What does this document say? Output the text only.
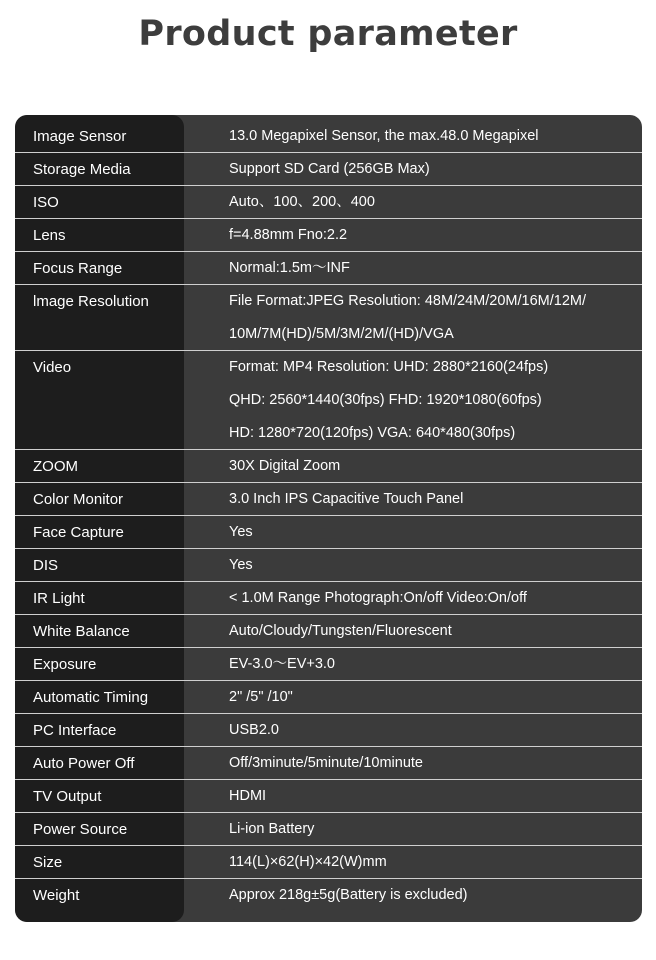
Product parameter
Image Sensor	13.0 Megapixel Sensor, the max.48.0 Megapixel
Storage Media	Support SD Card (256GB Max)
ISO	Auto、100、200、400
Lens	f=4.88mm Fno:2.2
Focus Range	Normal:1.5m～INF
lmage Resolution	File Format:JPEG Resolution: 48M/24M/20M/16M/12M/
10M/7M(HD)/5M/3M/2M/(HD)/VGA
Video	Format: MP4 Resolution: UHD: 2880*2160(24fps)
QHD: 2560*1440(30fps) FHD: 1920*1080(60fps)
HD: 1280*720(120fps) VGA: 640*480(30fps)
ZOOM	30X Digital Zoom
Color Monitor	3.0 Inch IPS Capacitive Touch Panel
Face Capture	Yes
DIS	Yes
IR Light	< 1.0M Range Photograph:On/off Video:On/off
White Balance	Auto/Cloudy/Tungsten/Fluorescent
Exposure	EV-3.0～EV+3.0
Automatic Timing	2" /5" /10"
PC Interface	USB2.0
Auto Power Off	Off/3minute/5minute/10minute
TV Output	HDMI
Power Source	Li-ion Battery
Size	114(L)×62(H)×42(W)mm
Weight	Approx 218g±5g(Battery is excluded)
